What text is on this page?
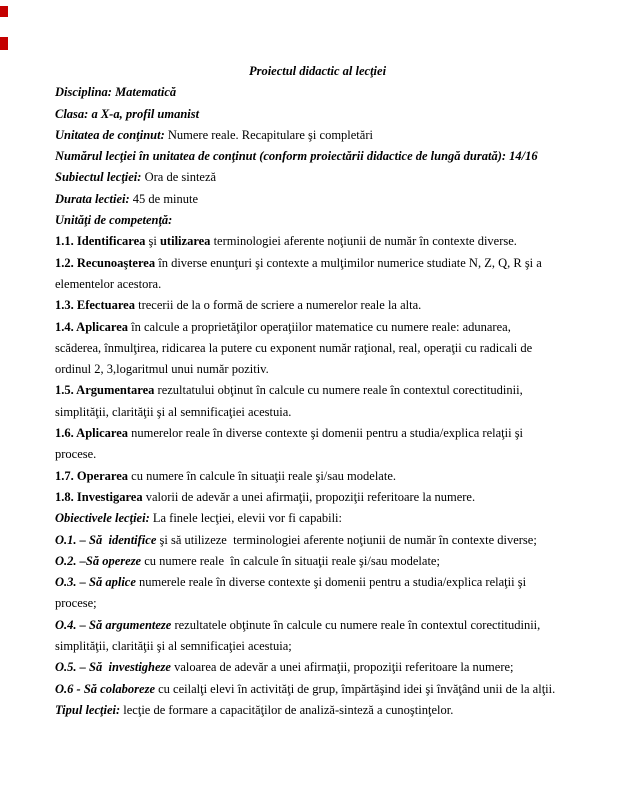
Proiectul didactic al lecţiei

Disciplina: Matematică

Clasa: a X-a, profil umanist

Unitatea de conţinut: Numere reale. Recapitulare şi completări

Numărul lecţiei în unitatea de conţinut (conform proiectării didactice de lungă durată): 14/16

Subiectul lecţiei: Ora de sinteză

Durata lectiei: 45 de minute

Unităţi de competenţă:

1.1. Identificarea şi utilizarea terminologiei aferente noţiunii de număr în contexte diverse.

1.2. Recunoaşterea în diverse enunţuri şi contexte a mulţimilor numerice studiate N, Z, Q, R şi a

elementelor acestora.

1.3. Efectuarea trecerii de la o formă de scriere a numerelor reale la alta.

1.4. Aplicarea în calcule a proprietăţilor operaţiilor matematice cu numere reale: adunarea,

scăderea, înmulţirea, ridicarea la putere cu exponent număr raţional, real, operaţii cu radicali de

ordinul 2, 3,logaritmul unui număr pozitiv.

1.5. Argumentarea rezultatului obţinut în calcule cu numere reale în contextul corectitudinii,

simplităţii, clarităţii şi al semnificaţiei acestuia.

1.6. Aplicarea numerelor reale în diverse contexte şi domenii pentru a studia/explica relaţii şi

procese.

1.7. Operarea cu numere în calcule în situaţii reale şi/sau modelate.

1.8. Investigarea valorii de adevăr a unei afirmaţii, propoziţii referitoare la numere.

Obiectivele lecţiei: La finele lecţiei, elevii vor fi capabili:

O.1. – Să  identifice şi să utilizeze  terminologiei aferente noţiunii de număr în contexte diverse;

O.2. –Să opereze cu numere reale  în calcule în situaţii reale şi/sau modelate;

O.3. – Să aplice numerele reale în diverse contexte şi domenii pentru a studia/explica relaţii şi

procese;

O.4. – Să argumenteze rezultatele obţinute în calcule cu numere reale în contextul corectitudinii,

simplităţii, clarităţii şi al semnificaţiei acestuia;

O.5. – Să  investigheze valoarea de adevăr a unei afirmaţii, propoziţii referitoare la numere;

O.6 - Să colaboreze cu ceilalţi elevi în activităţi de grup, împărtăşind idei şi învăţând unii de la alţii.

Tipul lecţiei: lecţie de formare a capacităţilor de analiză-sinteză a cunoştinţelor.
